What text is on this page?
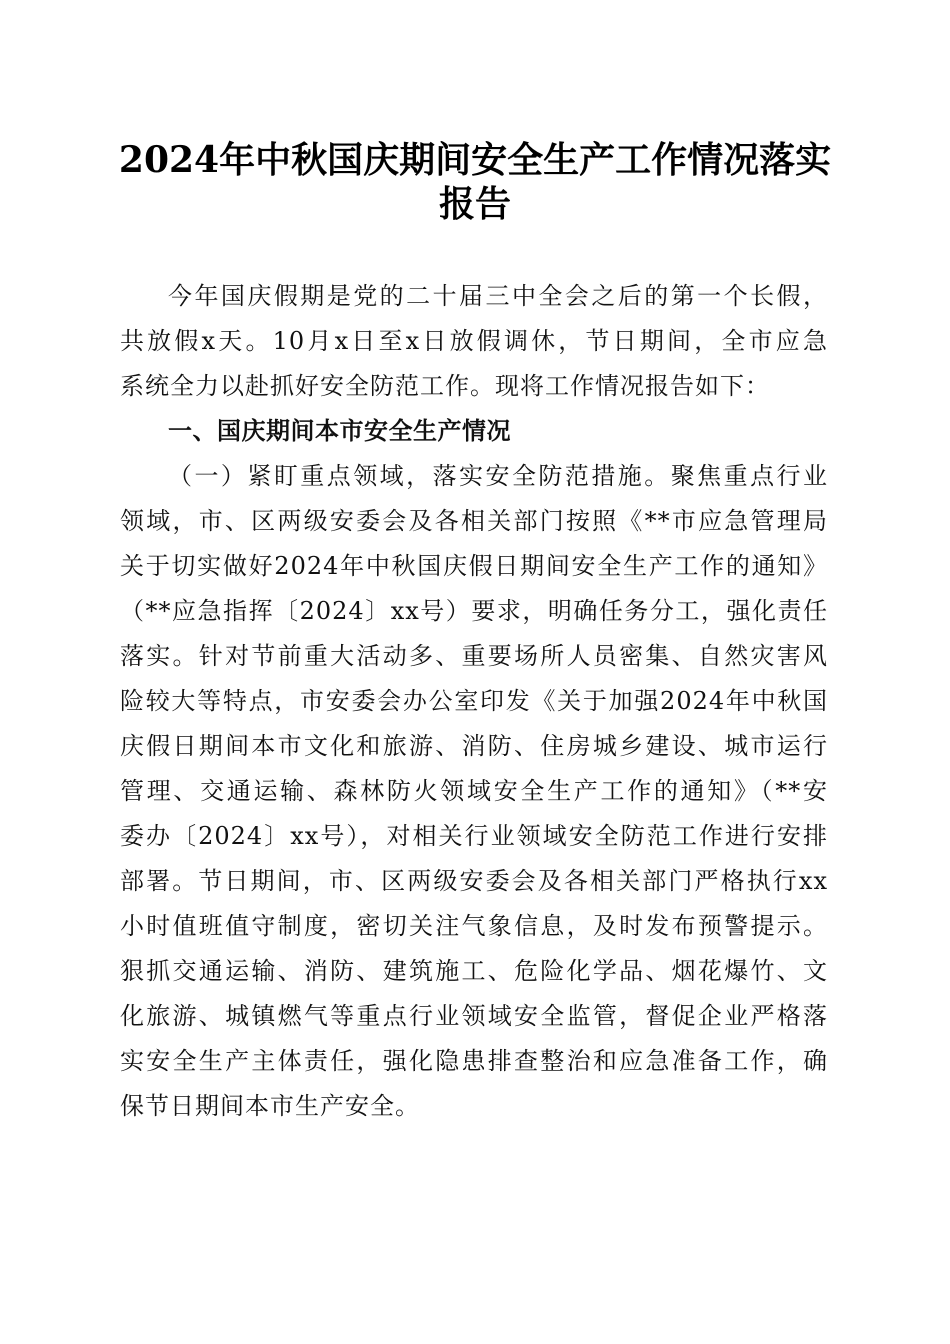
2024年中秋国庆期间安全生产工作情况落实
报告
今年国庆假期是党的二十届三中全会之后的第一个长假，
共放假x天。10月x日至x日放假调休，节日期间，全市应急
系统全力以赴抓好安全防范工作。现将工作情况报告如下：
一、国庆期间本市安全生产情况
（一）紧盯重点领域，落实安全防范措施。聚焦重点行业
领域，市、区两级安委会及各相关部门按照《**市应急管理局
关于切实做好2024年中秋国庆假日期间安全生产工作的通知》
（**应急指挥〔2024〕xx号）要求，明确任务分工，强化责任
落实。针对节前重大活动多、重要场所人员密集、自然灾害风
险较大等特点，市安委会办公室印发《关于加强2024年中秋国
庆假日期间本市文化和旅游、消防、住房城乡建设、城市运行
管理、交通运输、森林防火领域安全生产工作的通知》（**安
委办〔2024〕xx号），对相关行业领域安全防范工作进行安排
部署。节日期间，市、区两级安委会及各相关部门严格执行xx
小时值班值守制度，密切关注气象信息，及时发布预警提示。
狠抓交通运输、消防、建筑施工、危险化学品、烟花爆竹、文
化旅游、城镇燃气等重点行业领域安全监管，督促企业严格落
实安全生产主体责任，强化隐患排查整治和应急准备工作，确
保节日期间本市生产安全。
